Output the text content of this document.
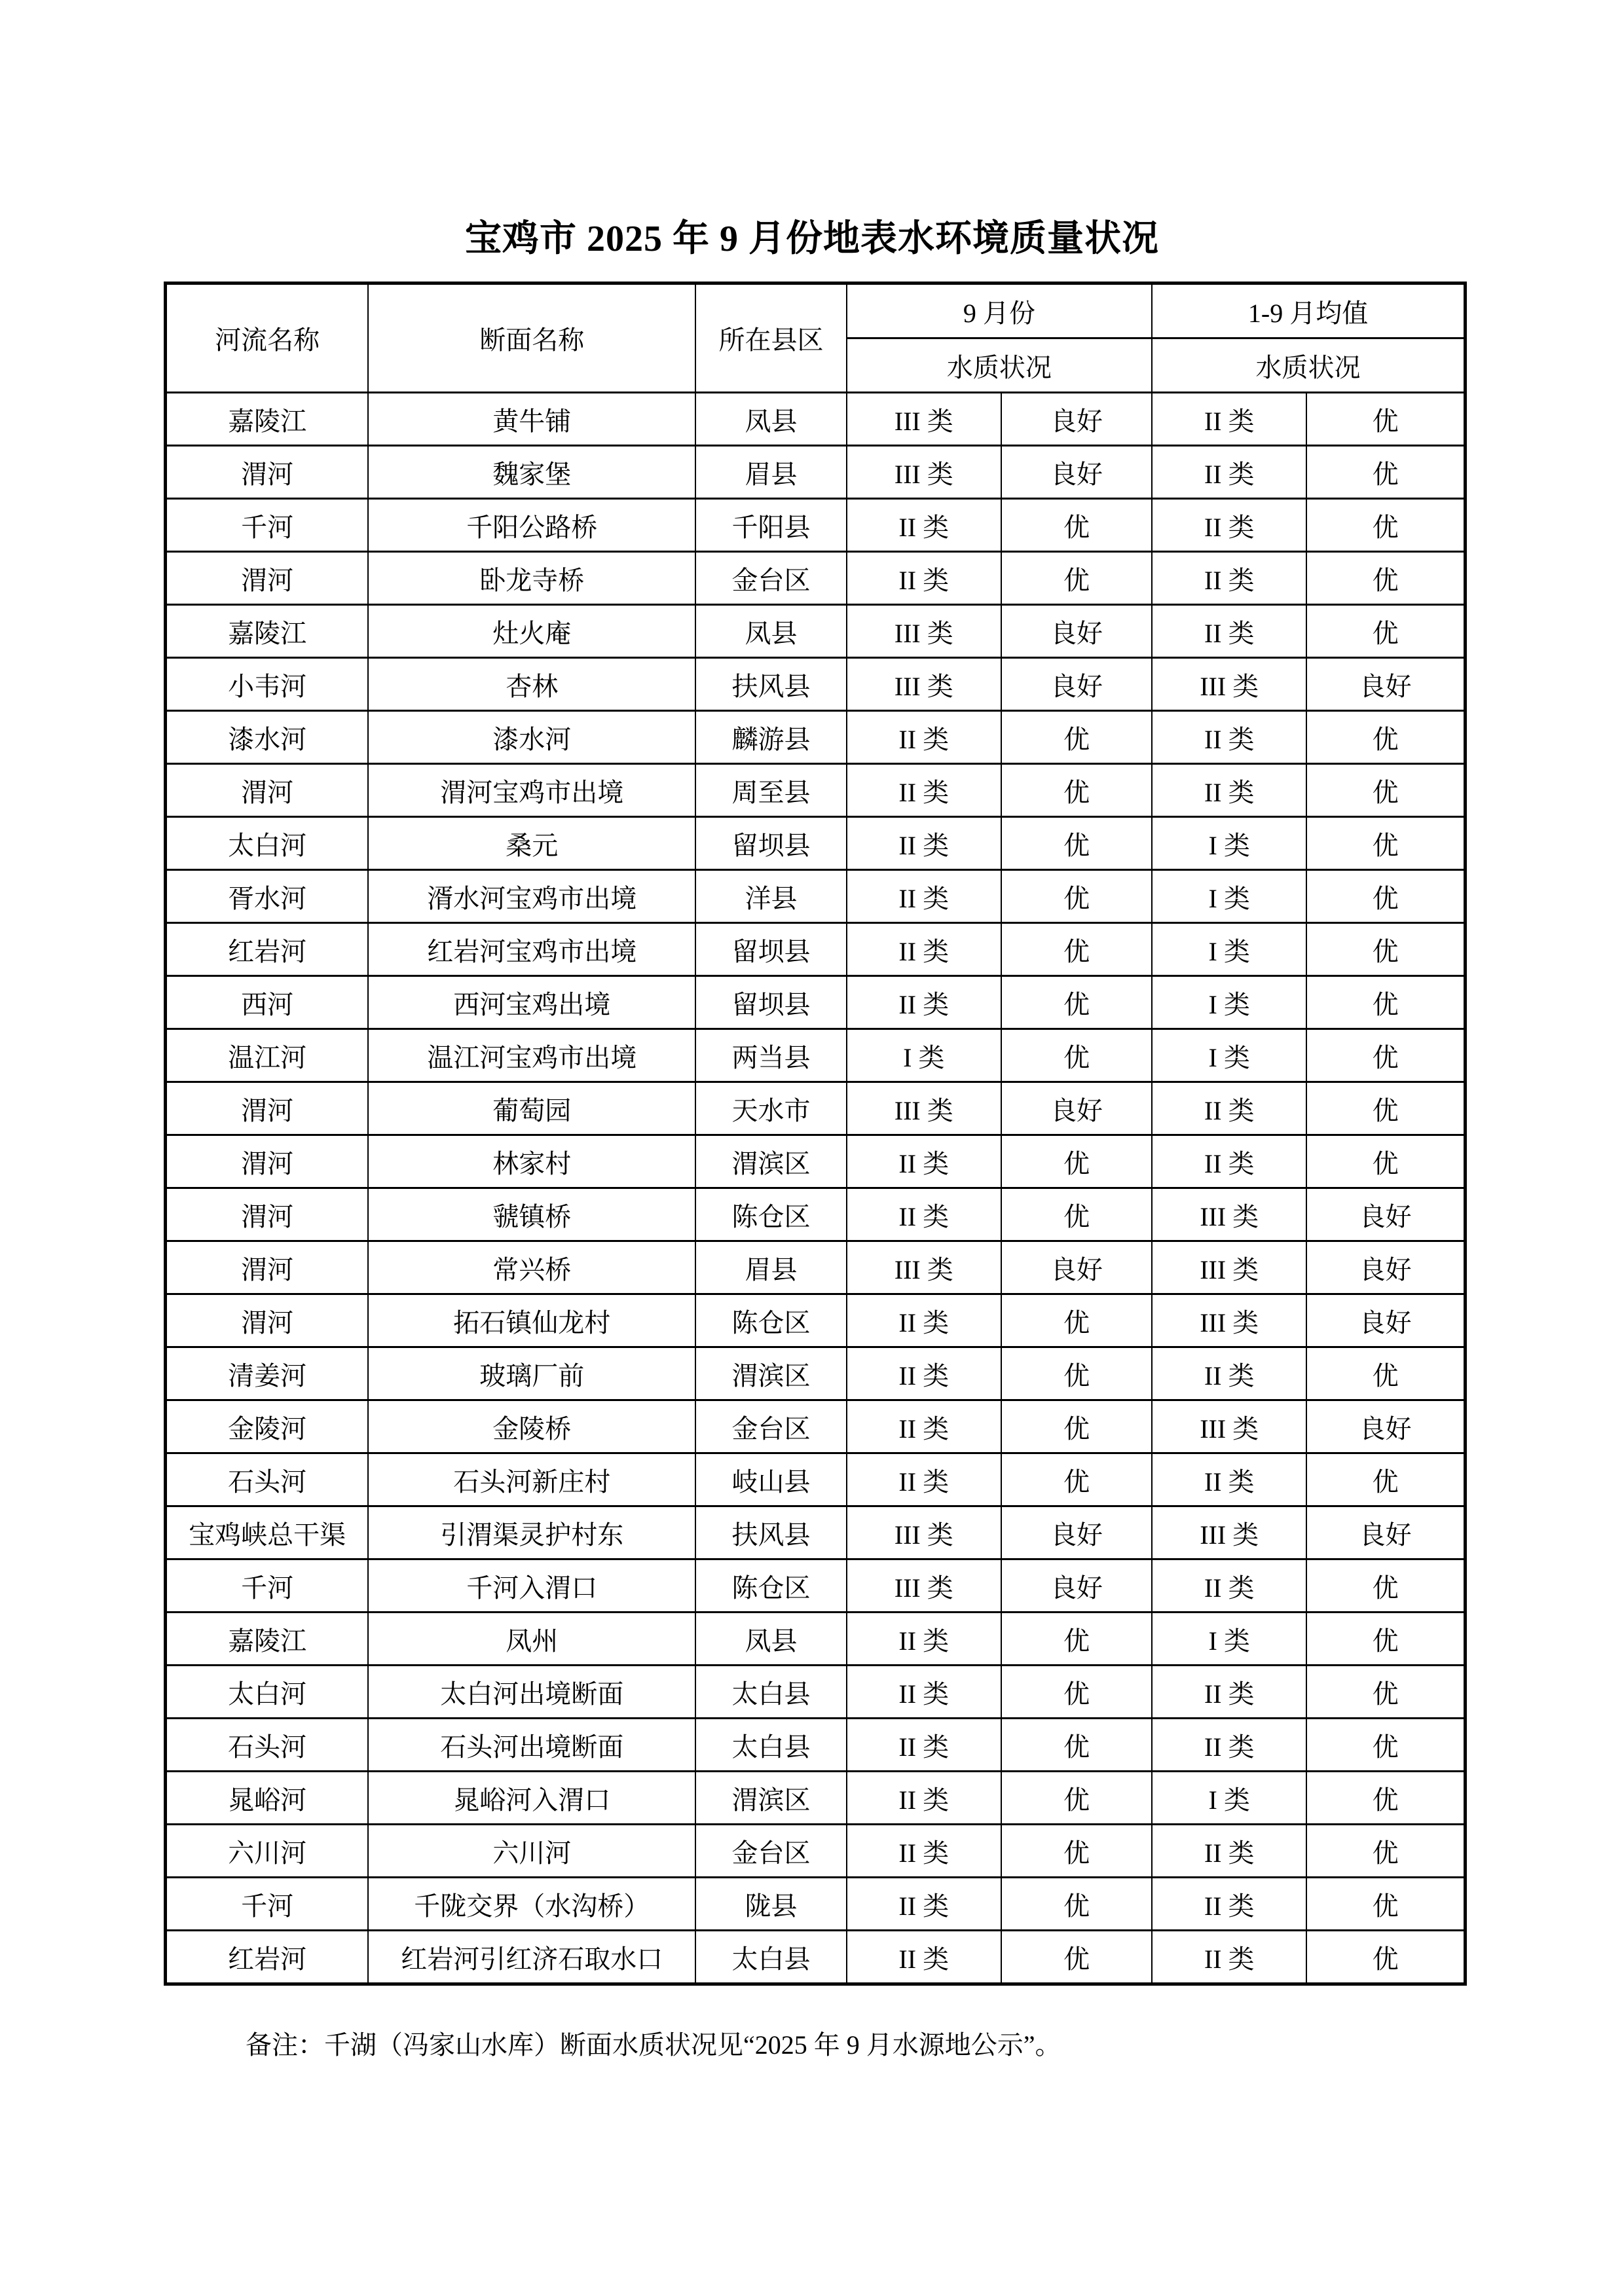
宝鸡市 2025 年 9 月份地表水环境质量状况
河流名称	断面名称	所在县区	9 月份		1-9 月均值	
			水质状况		水质状况	
嘉陵江	黄牛铺	凤县	III 类	良好	II 类	优
渭河	魏家堡	眉县	III 类	良好	II 类	优
千河	千阳公路桥	千阳县	II 类	优	II 类	优
渭河	卧龙寺桥	金台区	II 类	优	II 类	优
嘉陵江	灶火庵	凤县	III 类	良好	II 类	优
小韦河	杏林	扶风县	III 类	良好	III 类	良好
漆水河	漆水河	麟游县	II 类	优	II 类	优
渭河	渭河宝鸡市出境	周至县	II 类	优	II 类	优
太白河	桑元	留坝县	II 类	优	I 类	优
胥水河	湑水河宝鸡市出境	洋县	II 类	优	I 类	优
红岩河	红岩河宝鸡市出境	留坝县	II 类	优	I 类	优
西河	西河宝鸡出境	留坝县	II 类	优	I 类	优
温江河	温江河宝鸡市出境	两当县	I 类	优	I 类	优
渭河	葡萄园	天水市	III 类	良好	II 类	优
渭河	林家村	渭滨区	II 类	优	II 类	优
渭河	虢镇桥	陈仓区	II 类	优	III 类	良好
渭河	常兴桥	眉县	III 类	良好	III 类	良好
渭河	拓石镇仙龙村	陈仓区	II 类	优	III 类	良好
清姜河	玻璃厂前	渭滨区	II 类	优	II 类	优
金陵河	金陵桥	金台区	II 类	优	III 类	良好
石头河	石头河新庄村	岐山县	II 类	优	II 类	优
宝鸡峡总干渠	引渭渠灵护村东	扶风县	III 类	良好	III 类	良好
千河	千河入渭口	陈仓区	III 类	良好	II 类	优
嘉陵江	凤州	凤县	II 类	优	I 类	优
太白河	太白河出境断面	太白县	II 类	优	II 类	优
石头河	石头河出境断面	太白县	II 类	优	II 类	优
晁峪河	晁峪河入渭口	渭滨区	II 类	优	I 类	优
六川河	六川河	金台区	II 类	优	II 类	优
千河	千陇交界（水沟桥）	陇县	II 类	优	II 类	优
红岩河	红岩河引红济石取水口	太白县	II 类	优	II 类	优

备注：千湖（冯家山水库）断面水质状况见“2025 年 9 月水源地公示”。
